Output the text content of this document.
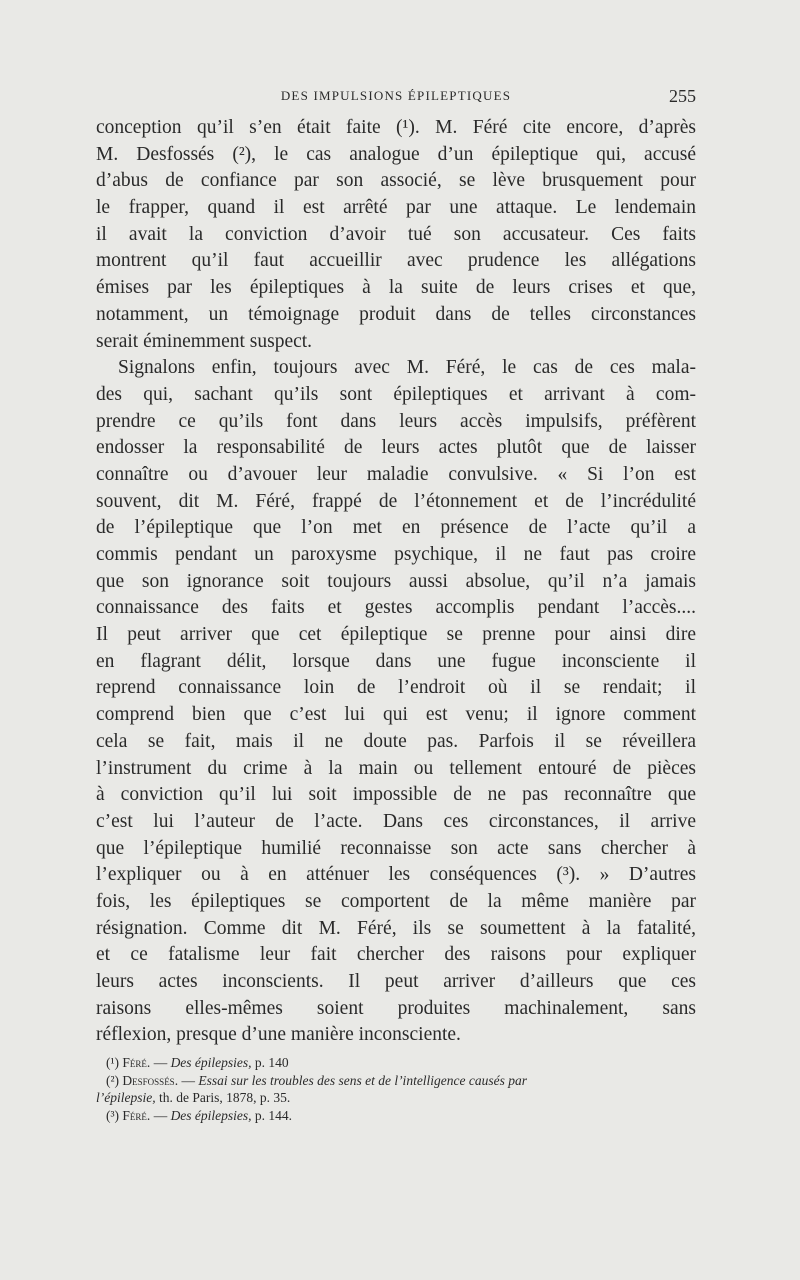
DES IMPULSIONS ÉPILEPTIQUES	255
conception qu’il s’en était faite (¹). M. Féré cite encore, d’après
M. Desfossés (²), le cas analogue d’un épileptique qui, accusé
d’abus de confiance par son associé, se lève brusquement pour
le frapper, quand il est arrêté par une attaque. Le lendemain
il avait la conviction d’avoir tué son accusateur. Ces faits
montrent qu’il faut accueillir avec prudence les allégations
émises par les épileptiques à la suite de leurs crises et que,
notamment, un témoignage produit dans de telles circonstances
serait éminemment suspect.
Signalons enfin, toujours avec M. Féré, le cas de ces mala-
des qui, sachant qu’ils sont épileptiques et arrivant à com-
prendre ce qu’ils font dans leurs accès impulsifs, préfèrent
endosser la responsabilité de leurs actes plutôt que de laisser
connaître ou d’avouer leur maladie convulsive. « Si l’on est
souvent, dit M. Féré, frappé de l’étonnement et de l’incrédulité
de l’épileptique que l’on met en présence de l’acte qu’il a
commis pendant un paroxysme psychique, il ne faut pas croire
que son ignorance soit toujours aussi absolue, qu’il n’a jamais
connaissance des faits et gestes accomplis pendant l’accès....
Il peut arriver que cet épileptique se prenne pour ainsi dire
en flagrant délit, lorsque dans une fugue inconsciente il
reprend connaissance loin de l’endroit où il se rendait; il
comprend bien que c’est lui qui est venu; il ignore comment
cela se fait, mais il ne doute pas. Parfois il se réveillera
l’instrument du crime à la main ou tellement entouré de pièces
à conviction qu’il lui soit impossible de ne pas reconnaître que
c’est lui l’auteur de l’acte. Dans ces circonstances, il arrive
que l’épileptique humilié reconnaisse son acte sans chercher à
l’expliquer ou à en atténuer les conséquences (³). » D’autres
fois, les épileptiques se comportent de la même manière par
résignation. Comme dit M. Féré, ils se soumettent à la fatalité,
et ce fatalisme leur fait chercher des raisons pour expliquer
leurs actes inconscients. Il peut arriver d’ailleurs que ces
raisons elles-mêmes soient produites machinalement, sans
réflexion, presque d’une manière inconsciente.
(¹) Féré. — Des épilepsies, p. 140
(²) Desfossés. — Essai sur les troubles des sens et de l’intelligence causés par
l’épilepsie, th. de Paris, 1878, p. 35.
(³) Féré. — Des épilepsies, p. 144.
